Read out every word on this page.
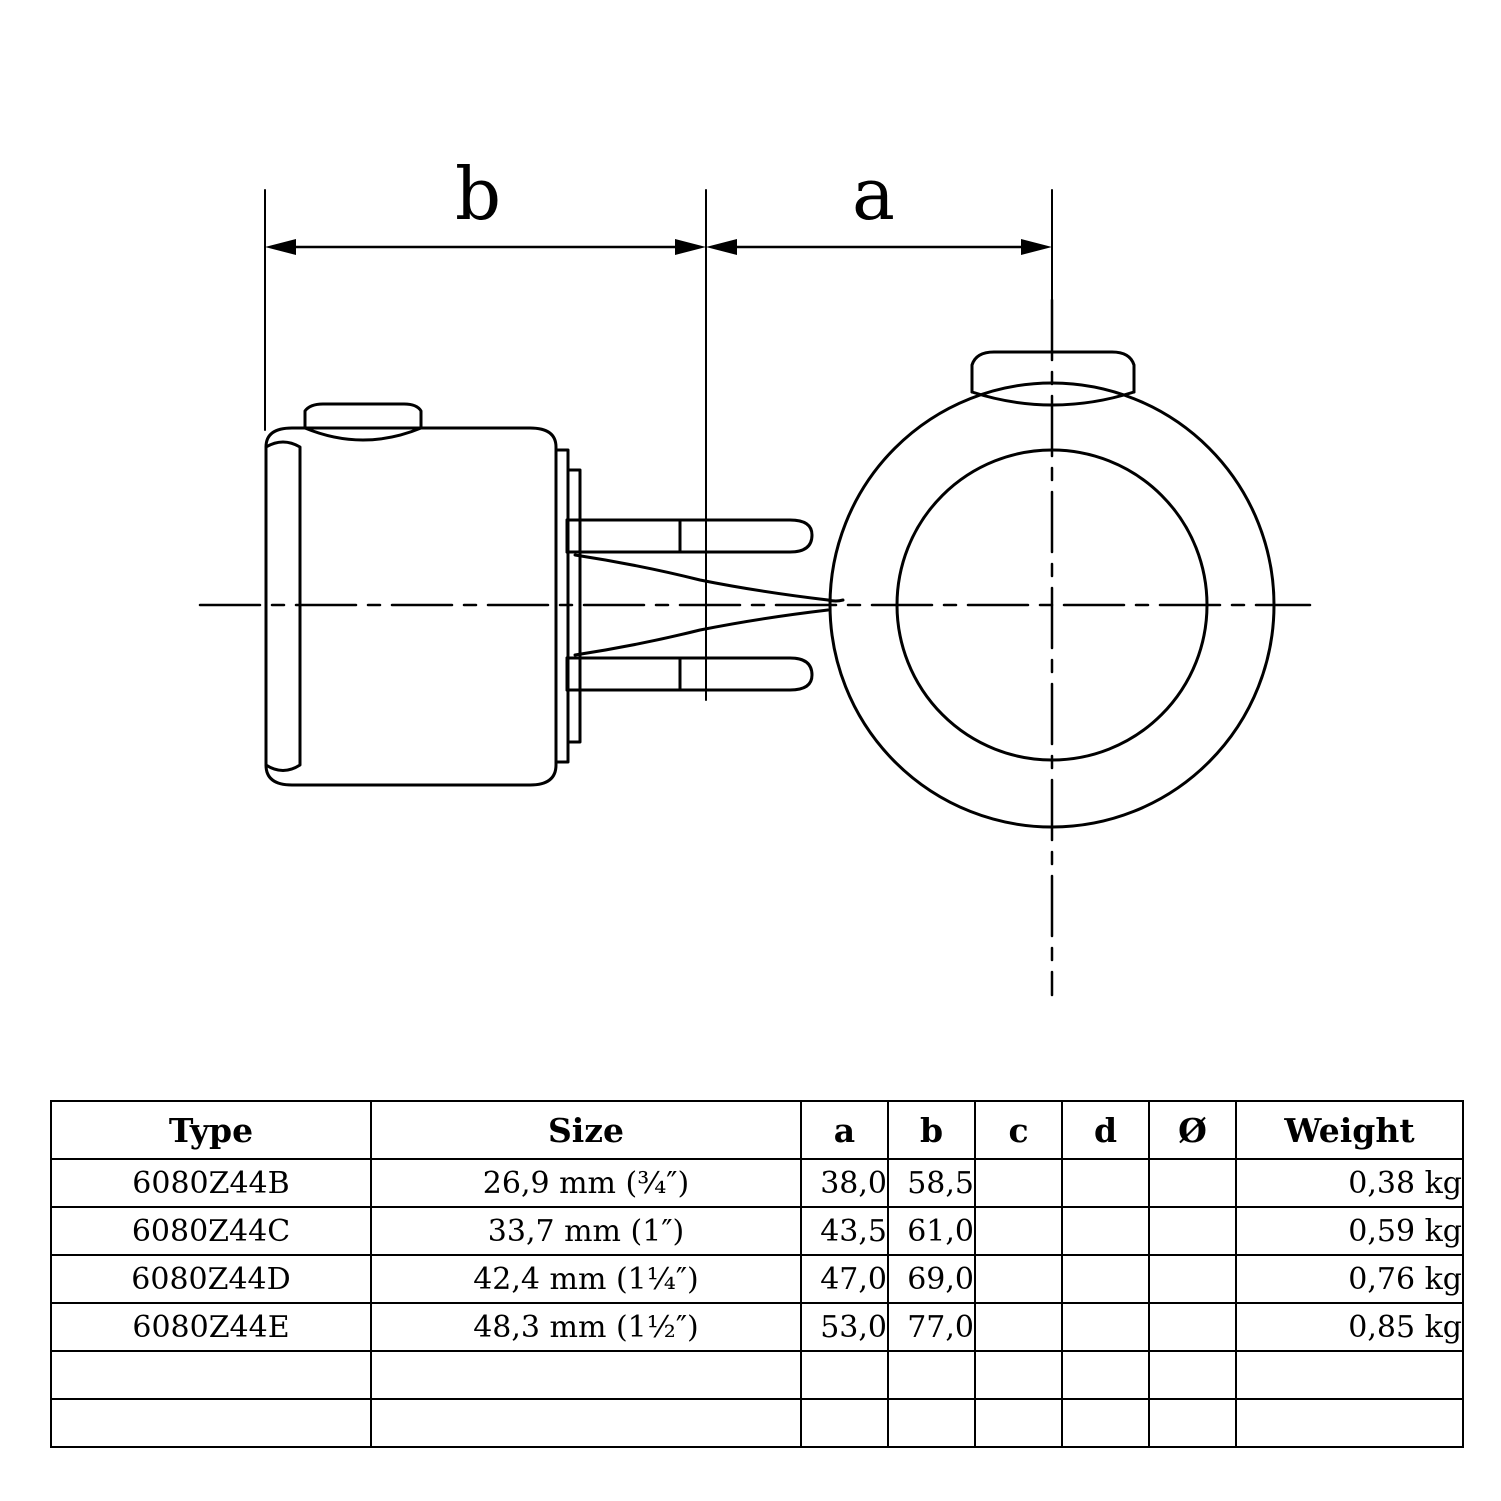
b	a
Type	Size	a	b	c	d	Ø	Weight
6080Z44B	26,9 mm (¾″)	38,0	58,5				0,38 kg
6080Z44C	33,7 mm (1″)	43,5	61,0				0,59 kg
6080Z44D	42,4 mm (1¼″)	47,0	69,0				0,76 kg
6080Z44E	48,3 mm (1½″)	53,0	77,0				0,85 kg
